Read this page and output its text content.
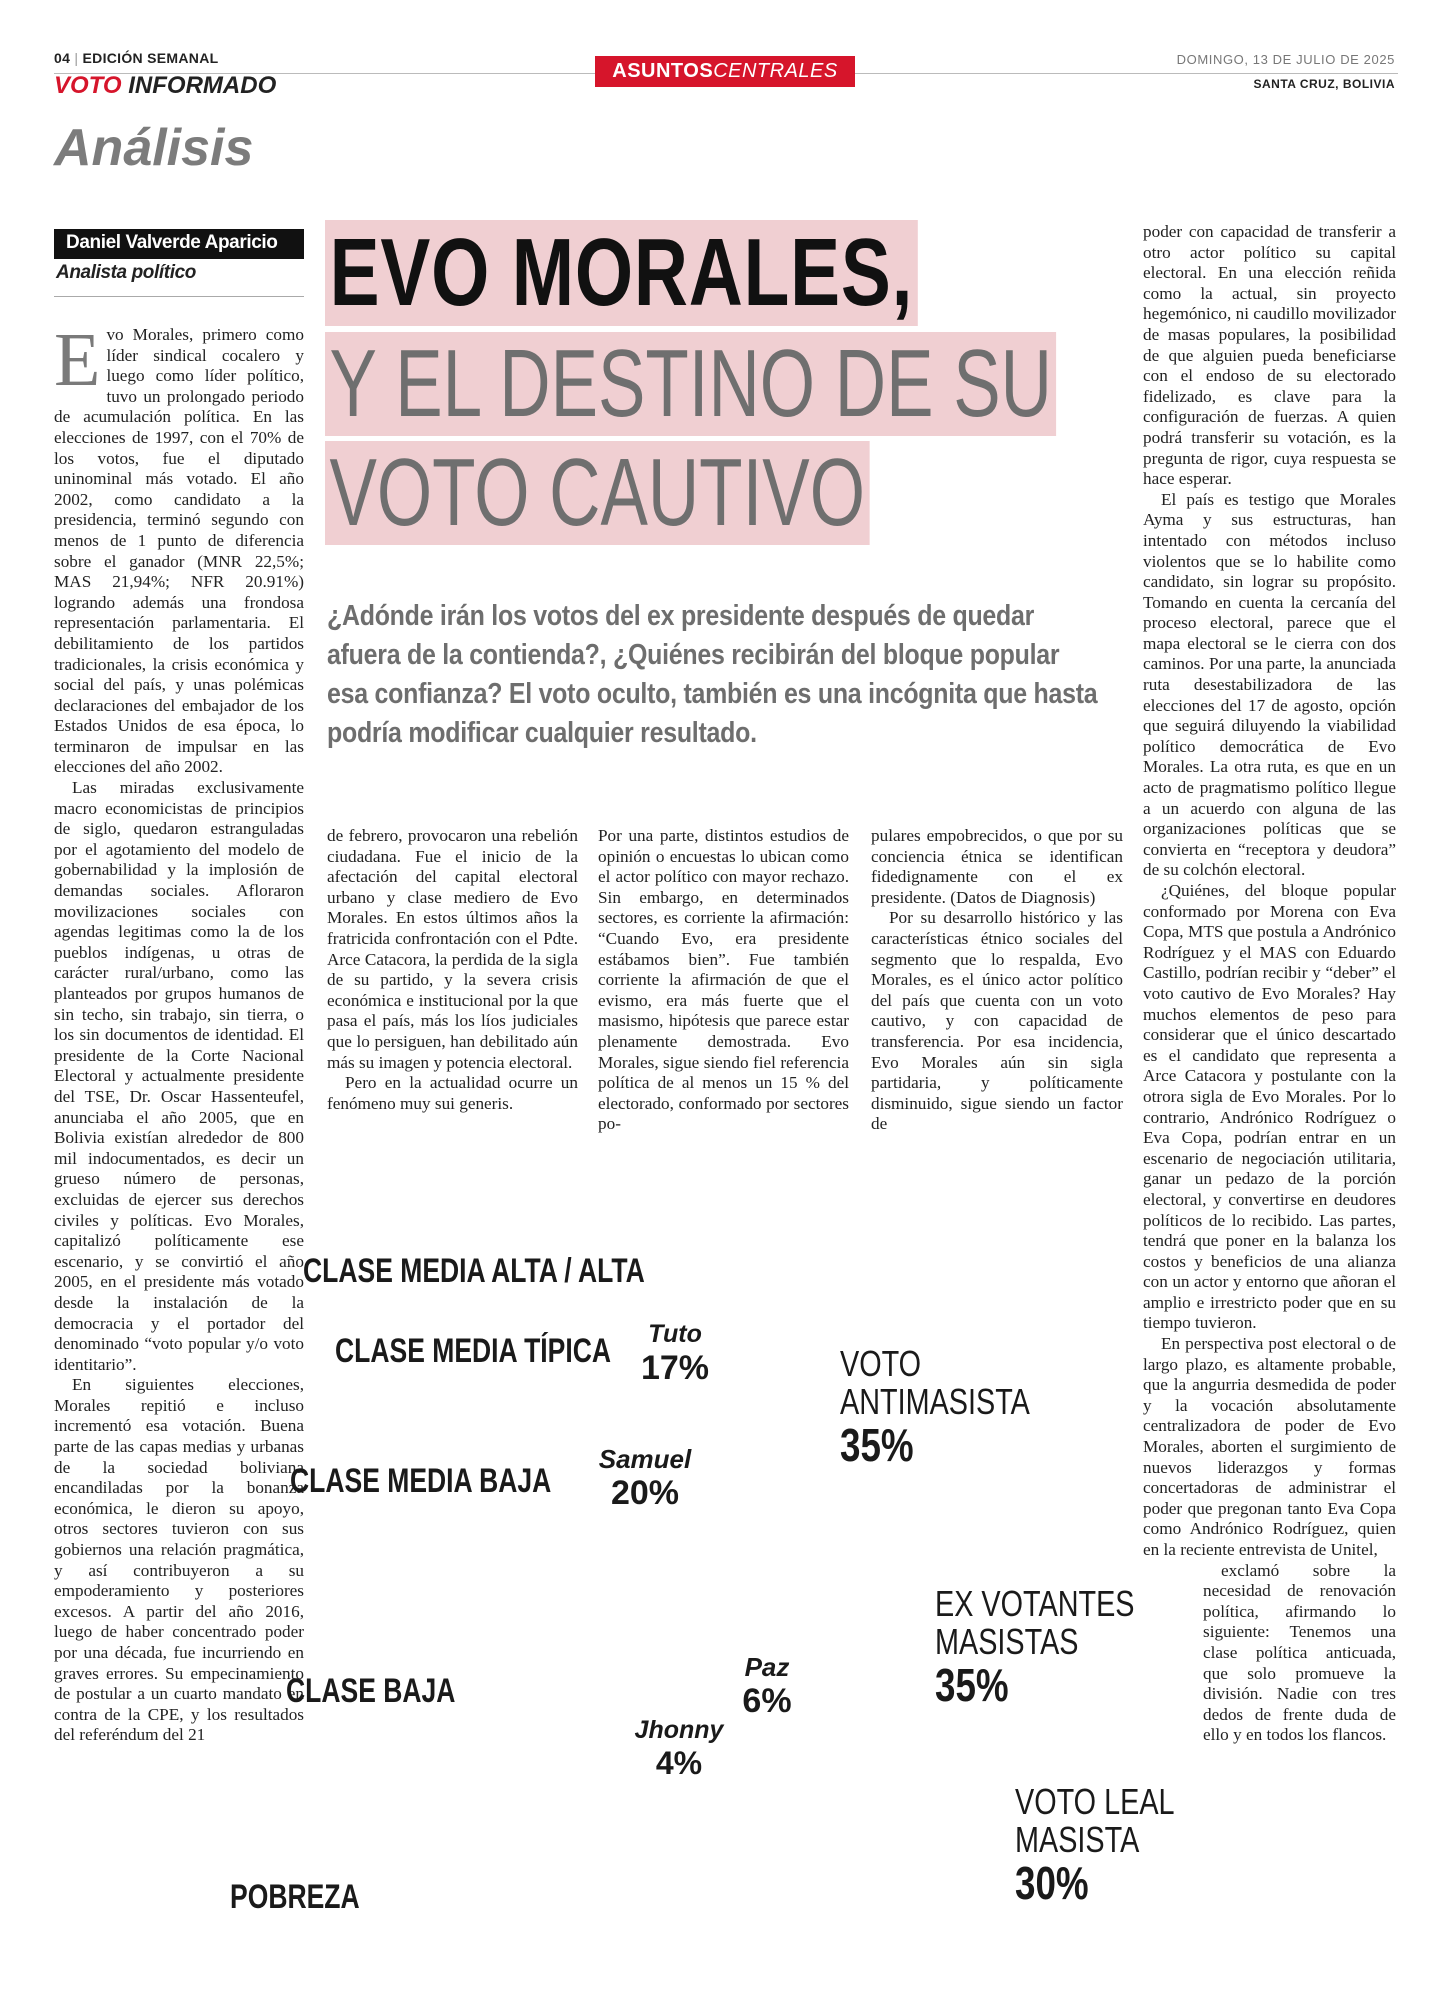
04 | EDICIÓN SEMANAL
VOTO INFORMADO
ASUNTOS CENTRALES
DOMINGO, 13 DE JULIO DE 2025
SANTA CRUZ, BOLIVIA
Análisis
Daniel Valverde Aparicio
Analista político EVO MORALES,
Y EL DESTINO DE SU
VOTO CAUTIVO
¿Adónde irán los votos del ex presidente después de quedar afuera de la contienda?, ¿Quiénes recibirán del bloque popular esa confianza? El voto oculto, también es una incógnita que hasta podría modificar cualquier resultado.

Evo Morales, primero como líder sindical cocalero y luego como líder político, tuvo un prolongado periodo de acumulación política. En las elecciones de 1997, con el 70% de los votos, fue el diputado uninominal más votado. El año 2002, como candidato a la presidencia, terminó segundo con menos de 1 punto de diferencia sobre el ganador (MNR 22,5%; MAS 21,94%; NFR 20.91%) logrando además una frondosa representación parlamentaria. El debilitamiento de los partidos tradicionales, la crisis económica y social del país, y unas polémicas declaraciones del embajador de los Estados Unidos de esa época, lo terminaron de impulsar en las elecciones del año 2002.

Las miradas exclusivamente macro economicistas de principios de siglo, quedaron estranguladas por el agotamiento del modelo de gobernabilidad y la implosión de demandas sociales. Afloraron movilizaciones sociales con agendas legitimas como la de los pueblos indígenas, u otras de carácter rural/urbano, como las planteados por grupos humanos de sin techo, sin trabajo, sin tierra, o los sin documentos de identidad. El presidente de la Corte Nacional Electoral y actualmente presidente del TSE, Dr. Oscar Hassenteufel, anunciaba el año 2005, que en Bolivia existían alrededor de 800 mil indocumentados, es decir un grueso número de personas, excluidas de ejercer sus derechos civiles y políticas. Evo Morales, capitalizó políticamente ese escenario, y se convirtió el año 2005, en el presidente más votado desde la instalación de la democracia y el portador del denominado “voto popular y/o voto identitario”.

En siguientes elecciones, Morales repitió e incluso incrementó esa votación. Buena parte de las capas medias y urbanas de la sociedad boliviana encandiladas por la bonanza económica, le dieron su apoyo, otros sectores tuvieron con sus gobiernos una relación pragmática, y así contribuyeron a su empoderamiento y posteriores excesos. A partir del año 2016, luego de haber concentrado poder por una década, fue incurriendo en graves errores. Su empecinamiento de postular a un cuarto mandato en contra de la CPE, y los resultados del referéndum del 21

de febrero, provocaron una rebelión ciudadana. Fue el inicio de la afectación del capital electoral urbano y clase mediero de Evo Morales. En estos últimos años la fratricida confrontación con el Pdte. Arce Catacora, la perdida de la sigla de su partido, y la severa crisis económica e institucional por la que pasa el país, más los líos judiciales que lo persiguen, han debilitado aún más su imagen y potencia electoral.

Pero en la actualidad ocurre un fenómeno muy sui generis.

Por una parte, distintos estudios de opinión o encuestas lo ubican como el actor político con mayor rechazo. Sin embargo, en determinados sectores, es corriente la afirmación: “Cuando Evo, era presidente estábamos bien”. Fue también corriente la afirmación de que el evismo, era más fuerte que el masismo, hipótesis que parece estar plenamente demostrada. Evo Morales, sigue siendo fiel referencia política de al menos un 15 % del electorado, conformado por sectores po-

pulares empobrecidos, o que por su conciencia étnica se identifican fidedignamente con el ex presidente. (Datos de Diagnosis)

Por su desarrollo histórico y las características étnico sociales del segmento que lo respalda, Evo Morales, es el único actor político del país que cuenta con un voto cautivo, y con capacidad de transferencia. Por esa incidencia, Evo Morales aún sin sigla partidaria, y políticamente disminuido, sigue siendo un factor de

poder con capacidad de transferir a otro actor político su capital electoral. En una elección reñida como la actual, sin proyecto hegemónico, ni caudillo movilizador de masas populares, la posibilidad de que alguien pueda beneficiarse con el endoso de su electorado fidelizado, es clave para la configuración de fuerzas. A quien podrá transferir su votación, es la pregunta de rigor, cuya respuesta se hace esperar.

El país es testigo que Morales Ayma y sus estructuras, han intentado con métodos incluso violentos que se lo habilite como candidato, sin lograr su propósito. Tomando en cuenta la cercanía del proceso electoral, parece que el mapa electoral se le cierra con dos caminos. Por una parte, la anunciada ruta desestabilizadora de las elecciones del 17 de agosto, opción que seguirá diluyendo la viabilidad político democrática de Evo Morales. La otra ruta, es que en un acto de pragmatismo político llegue a un acuerdo con alguna de las organizaciones políticas que se convierta en “receptora y deudora” de su colchón electoral.

¿Quiénes, del bloque popular conformado por Morena con Eva Copa, MTS que postula a Andrónico Rodríguez y el MAS con Eduardo Castillo, podrían recibir y “deber” el voto cautivo de Evo Morales? Hay muchos elementos de peso para considerar que el único descartado es el candidato que representa a Arce Catacora y postulante con la otrora sigla de Evo Morales. Por lo contrario, Andrónico Rodríguez o Eva Copa, podrían entrar en un escenario de negociación utilitaria, ganar un pedazo de la porción electoral, y convertirse en deudores políticos de lo recibido. Las partes, tendrá que poner en la balanza los costos y beneficios de una alianza con un actor y entorno que añoran el amplio e irrestricto poder que en su tiempo tuvieron.

En perspectiva post electoral o de largo plazo, es altamente probable, que la angurria desmedida de poder y la vocación absolutamente centralizadora de poder de Evo Morales, aborten el surgimiento de nuevos liderazgos y formas concertadoras de administrar el poder que pregonan tanto Eva Copa como Andrónico Rodríguez, quien en la reciente entrevista de Unitel,

exclamó sobre la necesidad de renovación política, afirmando lo siguiente: Tenemos una clase política anticuada, que solo promueve la división. Nadie con tres dedos de frente duda de ello y en todos los flancos.

CLASE MEDIA ALTA / ALTA
CLASE MEDIA TÍPICA
CLASE MEDIA BAJA
CLASE BAJA
POBREZA
Tuto
17%
Samuel
20%
Manfred
9%
Indecisos
15%	Paz
6%
Jhonny
4%
Andrónico
15%	Voto evista= blanco/nulo
15%
VOTO
ANTIMASISTA
35%
EX VOTANTES
MASISTAS
35%
VOTO LEAL
MASISTA
30%
